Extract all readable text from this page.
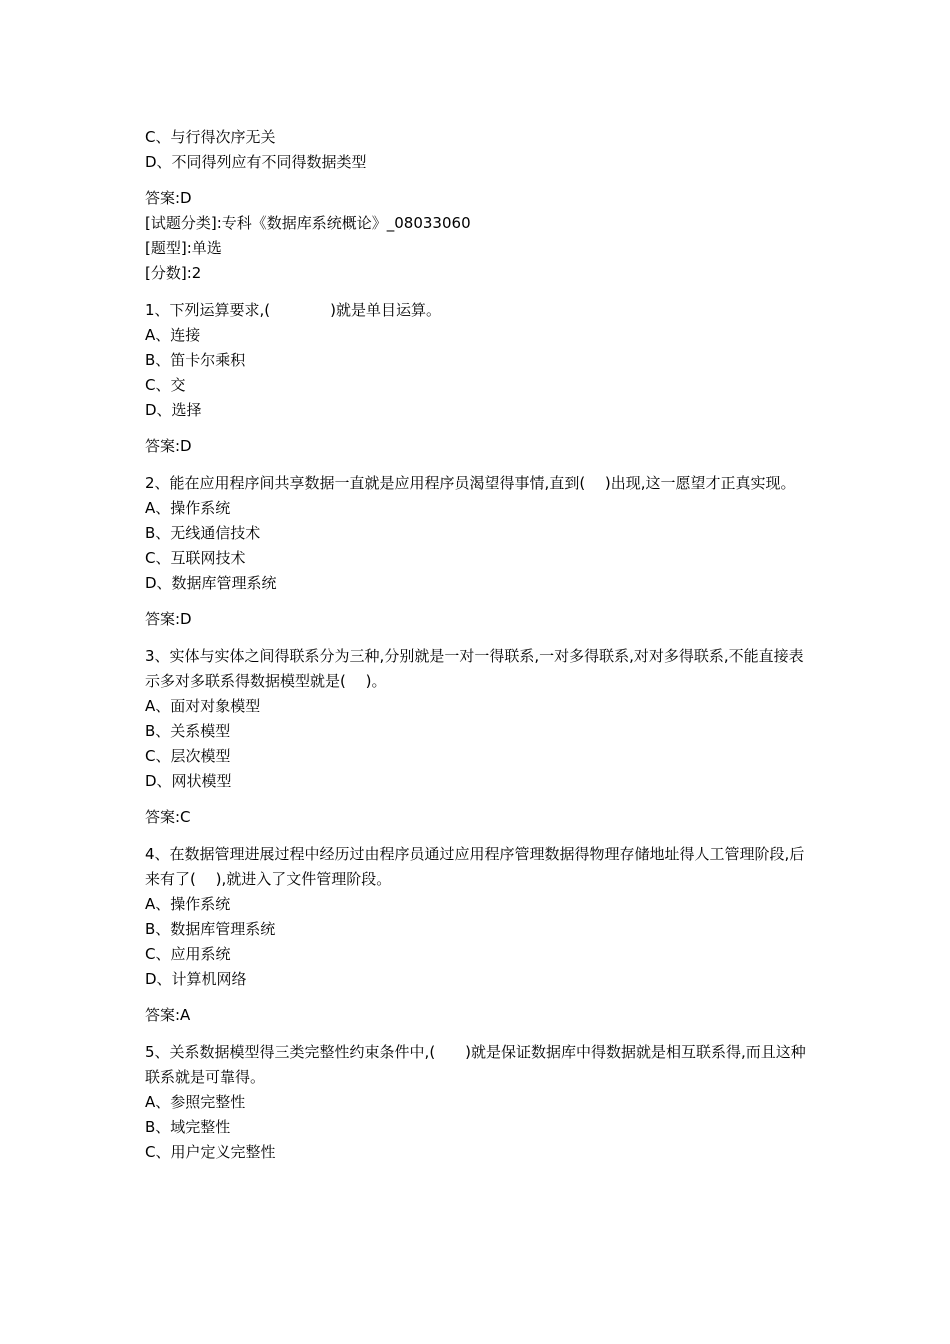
C、与行得次序无关
D、不同得列应有不同得数据类型
答案:D
[试题分类]:专科《数据库系统概论》_08033060
[题型]:单选
[分数]:2
1、下列运算要求,(　　　　)就是单目运算。
A、连接
B、笛卡尔乘积
C、交
D、选择
答案:D
2、能在应用程序间共享数据一直就是应用程序员渴望得事情,直到(　 )出现,这一愿望才正真实现。
A、操作系统
B、无线通信技术
C、互联网技术
D、数据库管理系统
答案:D
3、实体与实体之间得联系分为三种,分别就是一对一得联系,一对多得联系,对对多得联系,不能直接表示多对多联系得数据模型就是(　 )。
A、面对对象模型
B、关系模型
C、层次模型
D、网状模型
答案:C
4、在数据管理进展过程中经历过由程序员通过应用程序管理数据得物理存储地址得人工管理阶段,后来有了(　 ),就进入了文件管理阶段。
A、操作系统
B、数据库管理系统
C、应用系统
D、计算机网络
答案:A
5、关系数据模型得三类完整性约束条件中,(　　)就是保证数据库中得数据就是相互联系得,而且这种联系就是可靠得。
A、参照完整性
B、域完整性
C、用户定义完整性
